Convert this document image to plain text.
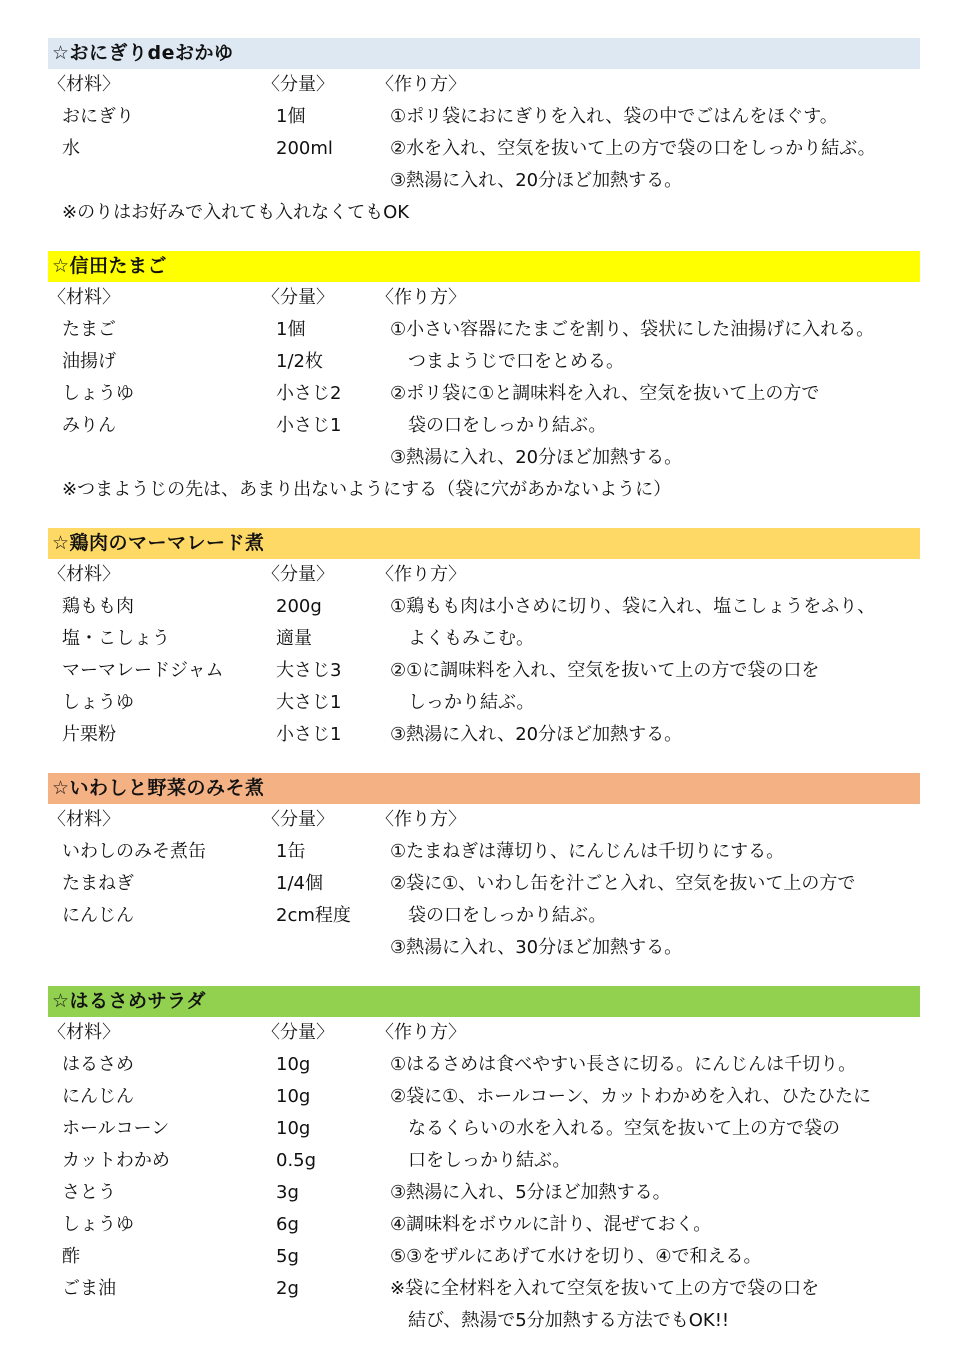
☆おにぎりdeおかゆ
〈材料〉	〈分量〉	〈作り方〉
おにぎり	1個	①ポリ袋におにぎりを入れ、袋の中でごはんをほぐす。
水	200ml	②水を入れ、空気を抜いて上の方で袋の口をしっかり結ぶ。
③熱湯に入れ、20分ほど加熱する。
※のりはお好みで入れても入れなくてもOK
☆信田たまご
〈材料〉	〈分量〉	〈作り方〉
たまご	1個	①小さい容器にたまごを割り、袋状にした油揚げに入れる。
油揚げ	1/2枚	　つまようじで口をとめる。
しょうゆ	小さじ2	②ポリ袋に①と調味料を入れ、空気を抜いて上の方で
みりん	小さじ1	　袋の口をしっかり結ぶ。
③熱湯に入れ、20分ほど加熱する。
※つまようじの先は、あまり出ないようにする（袋に穴があかないように）
☆鶏肉のマーマレード煮
〈材料〉	〈分量〉	〈作り方〉
鶏もも肉	200g	①鶏もも肉は小さめに切り、袋に入れ、塩こしょうをふり、
塩・こしょう	適量	　よくもみこむ。
マーマレードジャム	大さじ3	②①に調味料を入れ、空気を抜いて上の方で袋の口を
しょうゆ	大さじ1	　しっかり結ぶ。
片栗粉	小さじ1	③熱湯に入れ、20分ほど加熱する。
☆いわしと野菜のみそ煮
〈材料〉	〈分量〉	〈作り方〉
いわしのみそ煮缶	1缶	①たまねぎは薄切り、にんじんは千切りにする。
たまねぎ	1/4個	②袋に①、いわし缶を汁ごと入れ、空気を抜いて上の方で
にんじん	2cm程度	　袋の口をしっかり結ぶ。
③熱湯に入れ、30分ほど加熱する。
☆はるさめサラダ
〈材料〉	〈分量〉	〈作り方〉
はるさめ	10g	①はるさめは食べやすい長さに切る。にんじんは千切り。
にんじん	10g	②袋に①、ホールコーン、カットわかめを入れ、ひたひたに
ホールコーン	10g	　なるくらいの水を入れる。空気を抜いて上の方で袋の
カットわかめ	0.5g	　口をしっかり結ぶ。
さとう	3g	③熱湯に入れ、5分ほど加熱する。
しょうゆ	6g	④調味料をボウルに計り、混ぜておく。
酢	5g	⑤③をザルにあげて水けを切り、④で和える。
ごま油	2g	※袋に全材料を入れて空気を抜いて上の方で袋の口を
　結び、熱湯で5分加熱する方法でもOK!!
